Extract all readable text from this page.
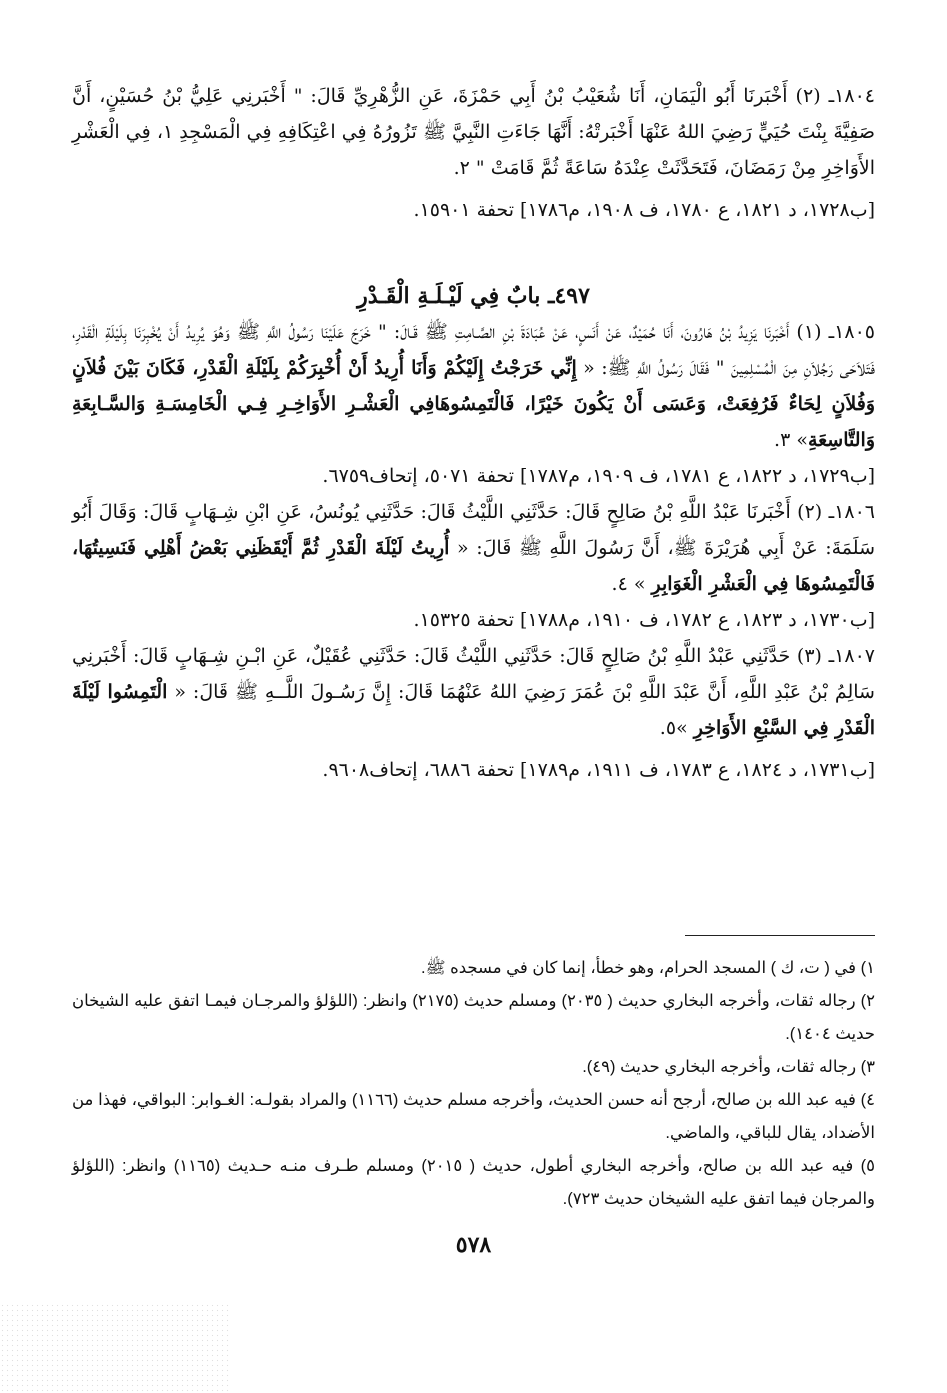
١٨٠٤ـ (٢) أَخْبَرنَا أَبُو الْيَمَانِ، أَنَا شُعَيْبُ بْنُ أَبِي حَمْزَةَ، عَنِ الزُّهْرِيِّ قَالَ: " أَخْبَرنِي عَلِيُّ بْنُ حُسَيْنٍ، أَنَّ صَفِيَّةَ بِنْتَ حُيَيٍّ رَضِيَ اللهُ عَنْهَا أَخْبَرتْهُ: أَنَّهَا جَاءَتِ النَّبِيَّ ﷺ تَزُورُهُ فِي اعْتِكَافِهِ فِي الْمَسْجِدِ ١، فِي الْعَشْرِ الأَوَاخِرِ مِنْ رَمَضَانَ، فَتَحَدَّثَتْ عِنْدَهُ سَاعَةً ثُمَّ قَامَتْ " ٢.

[ب١٧٢٨، د ١٨٢١، ع ١٧٨٠، ف ١٩٠٨، م١٧٨٦] تحفة ١٥٩٠١.

٤٩٧ـ بابٌ فِي لَيْـلَـةِ الْقَـدْرِ

١٨٠٥ـ (١) أَخْبَرنَا يَزِيدُ بْنُ هَارُونَ، أَنَا حُمَيْدٌ، عَنْ أَنَسٍ، عَنْ عُبَادَةَ بْنِ الصَّـامِتِ ﷺ قَـالَ: " خَرَجَ عَلَيْنَا رَسُولُ اللَّهِ ﷺ وَهُوَ يُرِيدُ أَنْ يُخْبِرَنَا بِلَيْلَةِ الْقَدْرِ، فَتَلاَحَى رَجُلاَنِ مِنَ الْمُسْلِمِينَ " فَقَالَ رَسُولُ اللَّهِ ﷺ: « إِنِّي خَرَجْتُ إِلَيْكُمْ وَأَنَا أُرِيدُ أَنْ أُخْبِرَكُمْ بِلَيْلَةِ الْقَدْرِ، فَكَانَ بَيْنَ فُلاَنٍ وَفُلاَنٍ لِحَاءٌ فَرُفِعَتْ، وَعَسَى أَنْ يَكُونَ خَيْرًا، فَالْتَمِسُوهَافِي الْعَشْـرِ الأَوَاخِـرِ فِـي الْخَامِسَـةِ وَالسَّـابِعَةِ وَالتَّاسِعَةِ» ٣.

[ب١٧٢٩، د ١٨٢٢، ع ١٧٨١، ف ١٩٠٩، م١٧٨٧] تحفة ٥٠٧١، إتحاف٦٧٥٩.

١٨٠٦ـ (٢) أَخْبَرنَا عَبْدُ اللَّهِ بْنُ صَالِحٍ قَالَ: حَدَّثَنِي اللَّيْثُ قَالَ: حَدَّثَنِي يُونُسُ، عَنِ ابْنِ شِـهَابٍ قَالَ: وَقَالَ أَبُو سَلَمَةَ: عَنْ أَبِي هُرَيْرَةَ ﷺ، أَنَّ رَسُولَ اللَّهِ ﷺ قَالَ: « أُرِيتُ لَيْلَةَ الْقَدْرِ ثُمَّ أَيْقَظَنِي بَعْضُ أَهْلِي فَنَسِيتُهَا، فَالْتَمِسُوهَا فِي الْعَشْرِ الْغَوَابِرِ » ٤.

[ب١٧٣٠، د ١٨٢٣، ع ١٧٨٢، ف ١٩١٠، م١٧٨٨] تحفة ١٥٣٢٥.

١٨٠٧ـ (٣) حَدَّثَنِي عَبْدُ اللَّهِ بْنُ صَالِحٍ قَالَ: حَدَّثَنِي اللَّيْثُ قَالَ: حَدَّثَنِي عُقَيْلٌ، عَنِ ابْـنِ شِـهَابٍ قَالَ: أَخْبَرنِي سَالِمُ بْنُ عَبْدِ اللَّهِ، أَنَّ عَبْدَ اللَّهِ بْنَ عُمَرَ رَضِيَ اللهُ عَنْهُمَا قَالَ: إِنَّ رَسُـولَ اللَّــهِ ﷺ قَالَ: « الْتَمِسُوا لَيْلَةَ الْقَدْرِ فِي السَّبْعِ الأَوَاخِرِ »٥.

[ب١٧٣١، د ١٨٢٤، ع ١٧٨٣، ف ١٩١١، م١٧٨٩] تحفة ٦٨٨٦، إتحاف٩٦٠٨.

١) في ( ت، ك ) المسجد الحرام، وهو خطأ، إنما كان في مسجده ﷺ.

٢) رجاله ثقات، وأخرجه البخاري حديث ( ٢٠٣٥) ومسلم حديث (٢١٧٥) وانظر: (اللؤلؤ والمرجـان فيمـا اتفق عليه الشيخان حديث ١٤٠٤).

٣) رجاله ثقات، وأخرجه البخاري حديث (٤٩).

٤) فيه عبد الله بن صالح، أرجح أنه حسن الحديث، وأخرجه مسلم حديث (١١٦٦) والمراد بقولـه: الغـوابر: البواقي، فهذا من الأضداد، يقال للباقي، والماضي.

٥) فيه عبد الله بن صالح، وأخرجه البخاري أطول، حديث ( ٢٠١٥) ومسلم طـرف منـه حـديث (١١٦٥) وانظر: (اللؤلؤ والمرجان فيما اتفق عليه الشيخان حديث ٧٢٣).

٥٧٨
